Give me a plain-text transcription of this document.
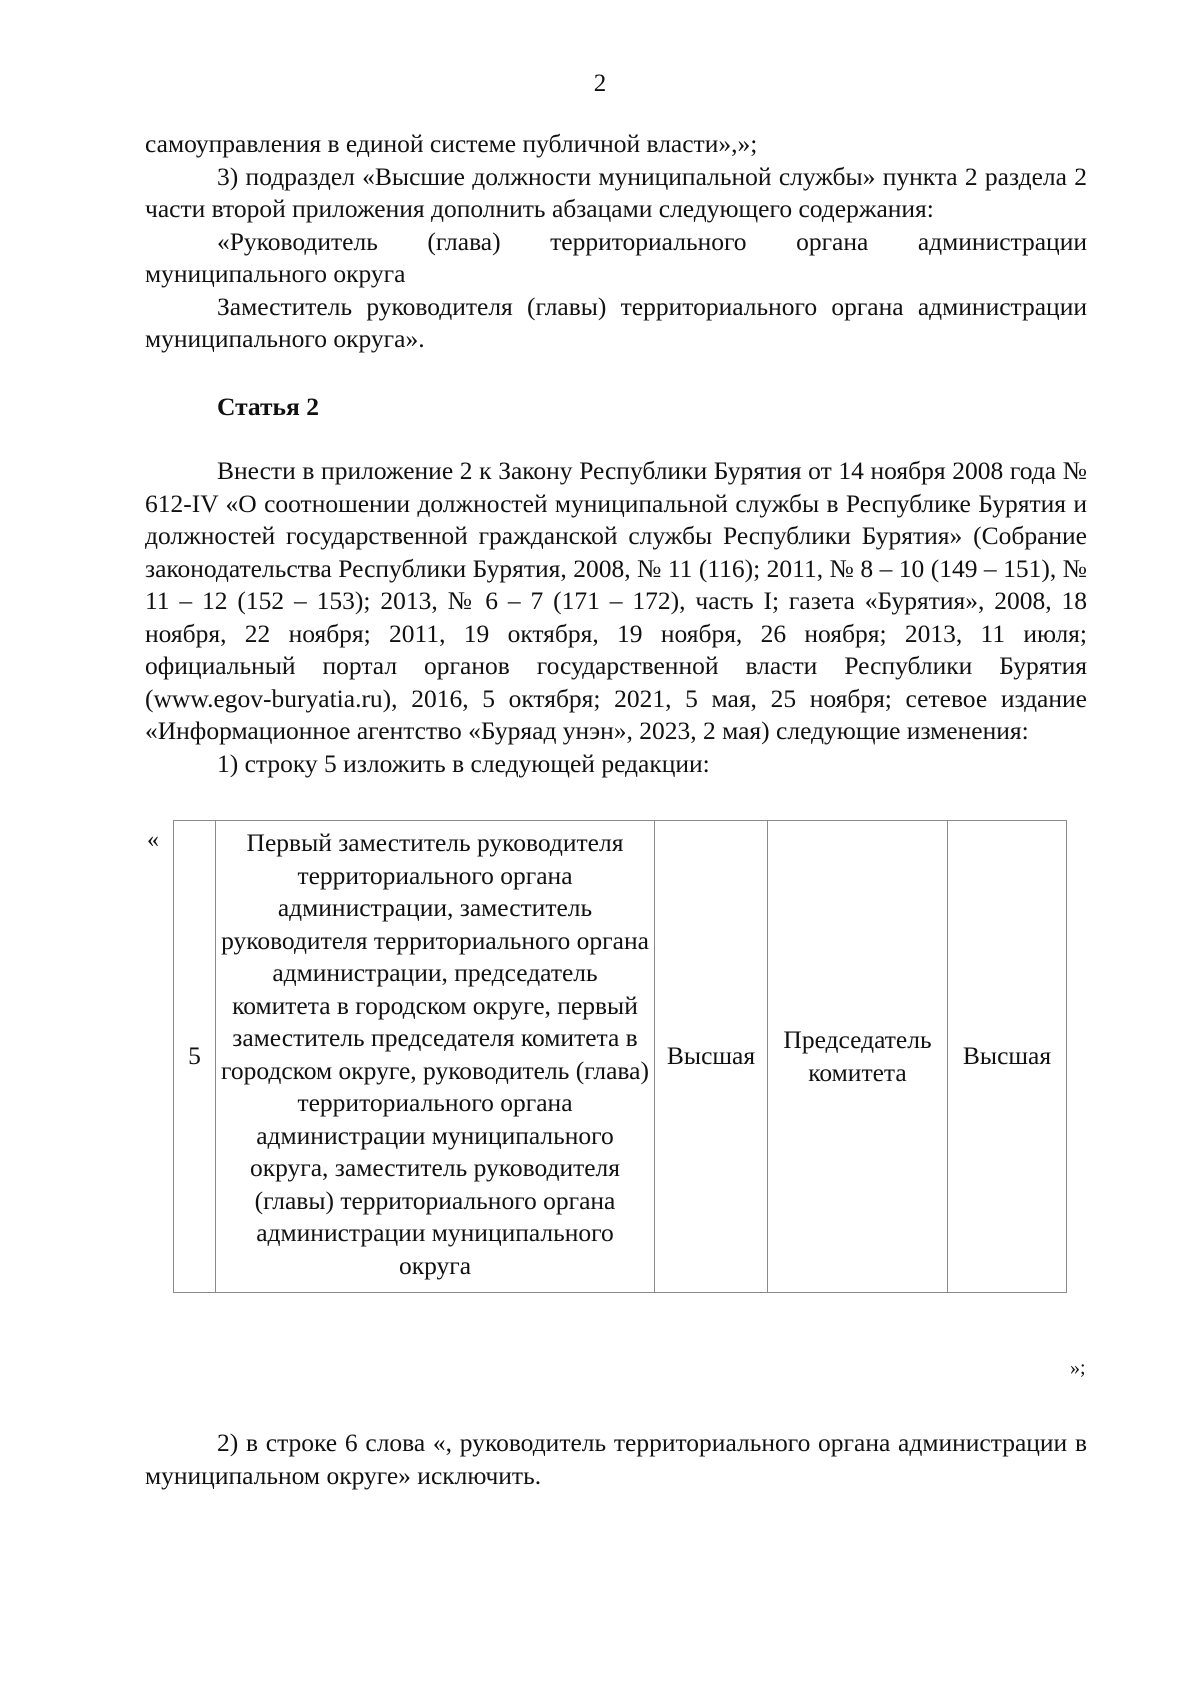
2

самоуправления в единой системе публичной власти»,»;

3) подраздел «Высшие должности муниципальной службы» пункта 2 раздела 2 части второй приложения дополнить абзацами следующего содержания:

«Руководитель (глава) территориального органа администрации муниципального округа

Заместитель руководителя (главы) территориального органа администрации муниципального округа».

Статья 2

Внести в приложение 2 к Закону Республики Бурятия от 14 ноября 2008 года № 612-IV «О соотношении должностей муниципальной службы в Республике Бурятия и должностей государственной гражданской службы Республики Бурятия» (Собрание законодательства Республики Бурятия, 2008, № 11 (116); 2011, № 8 – 10 (149 – 151), № 11 – 12 (152 – 153); 2013, № 6 – 7 (171 – 172), часть I; газета «Бурятия», 2008, 18 ноября, 22 ноября; 2011, 19 октября, 19 ноября, 26 ноября; 2013, 11 июля; официальный портал органов государственной власти Республики Бурятия (www.egov-buryatia.ru), 2016, 5 октября; 2021, 5 мая, 25 ноября; сетевое издание «Информационное агентство «Буряад унэн», 2023, 2 мая) следующие изменения:

1) строку 5 изложить в следующей редакции:

«
5	Первый заместитель руководителя территориального органа администрации, заместитель руководителя территориального органа администрации, председатель комитета в городском округе, первый заместитель председателя комитета в городском округе, руководитель (глава) территориального органа администрации муниципального округа, заместитель руководителя (главы) территориального органа администрации муниципального округа	Высшая	Председатель комитета	Высшая
»;

2) в строке 6 слова «, руководитель территориального органа администрации в муниципальном округе» исключить.
